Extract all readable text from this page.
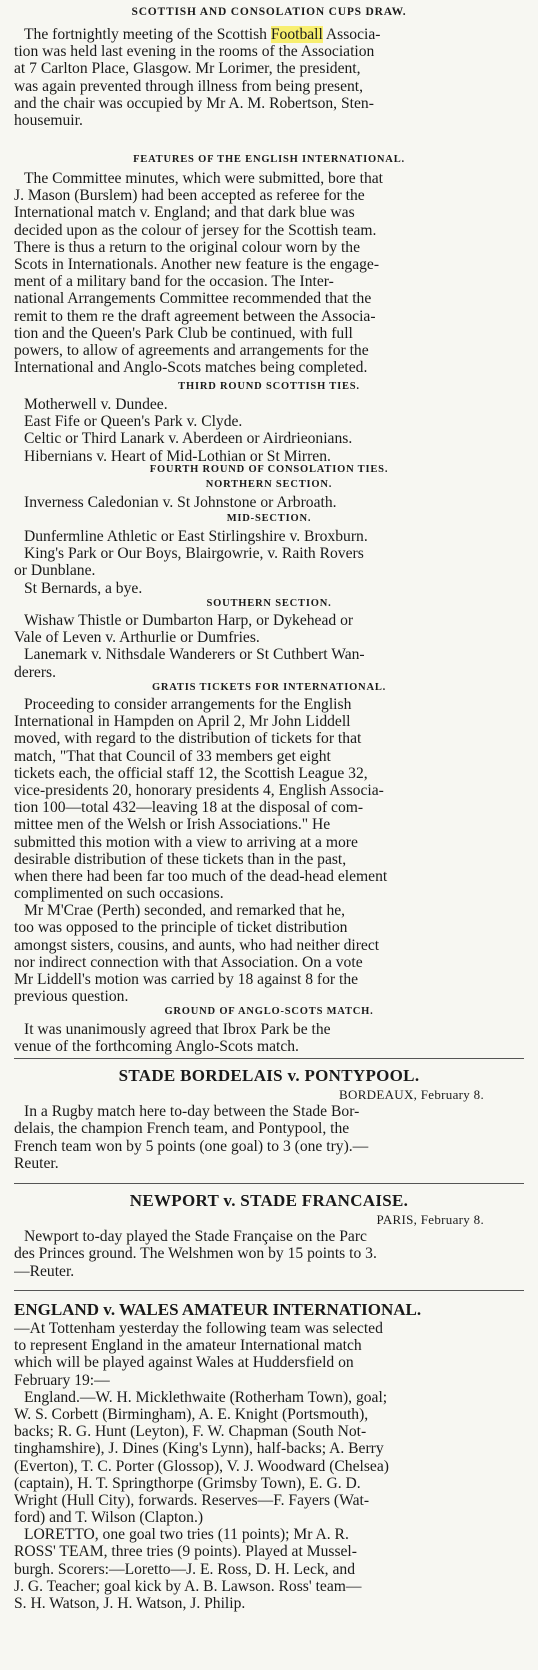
SCOTTISH AND CONSOLATION CUPS DRAW.
The fortnightly meeting of the Scottish Football Associa-
tion was held last evening in the rooms of the Association
at 7 Carlton Place, Glasgow. Mr Lorimer, the president,
was again prevented through illness from being present,
and the chair was occupied by Mr A. M. Robertson, Sten-
housemuir.
FEATURES OF THE ENGLISH INTERNATIONAL.
The Committee minutes, which were submitted, bore that
J. Mason (Burslem) had been accepted as referee for the
International match v. England; and that dark blue was
decided upon as the colour of jersey for the Scottish team.
There is thus a return to the original colour worn by the
Scots in Internationals. Another new feature is the engage-
ment of a military band for the occasion. The Inter-
national Arrangements Committee recommended that the
remit to them re the draft agreement between the Associa-
tion and the Queen's Park Club be continued, with full
powers, to allow of agreements and arrangements for the
International and Anglo-Scots matches being completed.
THIRD ROUND SCOTTISH TIES.
Motherwell v. Dundee.
East Fife or Queen's Park v. Clyde.
Celtic or Third Lanark v. Aberdeen or Airdrieonians.
Hibernians v. Heart of Mid-Lothian or St Mirren.
FOURTH ROUND OF CONSOLATION TIES.
NORTHERN SECTION.
Inverness Caledonian v. St Johnstone or Arbroath.
MID-SECTION.
Dunfermline Athletic or East Stirlingshire v. Broxburn.
King's Park or Our Boys, Blairgowrie, v. Raith Rovers
or Dunblane.
St Bernards, a bye.
SOUTHERN SECTION.
Wishaw Thistle or Dumbarton Harp, or Dykehead or
Vale of Leven v. Arthurlie or Dumfries.
Lanemark v. Nithsdale Wanderers or St Cuthbert Wan-
derers.
GRATIS TICKETS FOR INTERNATIONAL.
Proceeding to consider arrangements for the English
International in Hampden on April 2, Mr John Liddell
moved, with regard to the distribution of tickets for that
match, "That that Council of 33 members get eight
tickets each, the official staff 12, the Scottish League 32,
vice-presidents 20, honorary presidents 4, English Associa-
tion 100—total 432—leaving 18 at the disposal of com-
mittee men of the Welsh or Irish Associations." He
submitted this motion with a view to arriving at a more
desirable distribution of these tickets than in the past,
when there had been far too much of the dead-head element
complimented on such occasions.
Mr M'Crae (Perth) seconded, and remarked that he,
too was opposed to the principle of ticket distribution
amongst sisters, cousins, and aunts, who had neither direct
nor indirect connection with that Association. On a vote
Mr Liddell's motion was carried by 18 against 8 for the
previous question.
GROUND OF ANGLO-SCOTS MATCH.
It was unanimously agreed that Ibrox Park be the
venue of the forthcoming Anglo-Scots match.
STADE BORDELAIS v. PONTYPOOL.
BORDEAUX, February 8.
In a Rugby match here to-day between the Stade Bor-
delais, the champion French team, and Pontypool, the
French team won by 5 points (one goal) to 3 (one try).—
Reuter.
NEWPORT v. STADE FRANCAISE.
PARIS, February 8.
Newport to-day played the Stade Française on the Parc
des Princes ground. The Welshmen won by 15 points to 3.
—Reuter.
ENGLAND v. WALES AMATEUR INTERNATIONAL.
—At Tottenham yesterday the following team was selected
to represent England in the amateur International match
which will be played against Wales at Huddersfield on
February 19:—
England.—W. H. Micklethwaite (Rotherham Town), goal;
W. S. Corbett (Birmingham), A. E. Knight (Portsmouth),
backs; R. G. Hunt (Leyton), F. W. Chapman (South Not-
tinghamshire), J. Dines (King's Lynn), half-backs; A. Berry
(Everton), T. C. Porter (Glossop), V. J. Woodward (Chelsea)
(captain), H. T. Springthorpe (Grimsby Town), E. G. D.
Wright (Hull City), forwards. Reserves—F. Fayers (Wat-
ford) and T. Wilson (Clapton.)
LORETTO, one goal two tries (11 points); Mr A. R.
ROSS' TEAM, three tries (9 points). Played at Mussel-
burgh. Scorers:—Loretto—J. E. Ross, D. H. Leck, and
J. G. Teacher; goal kick by A. B. Lawson. Ross' team—
S. H. Watson, J. H. Watson, J. Philip.
